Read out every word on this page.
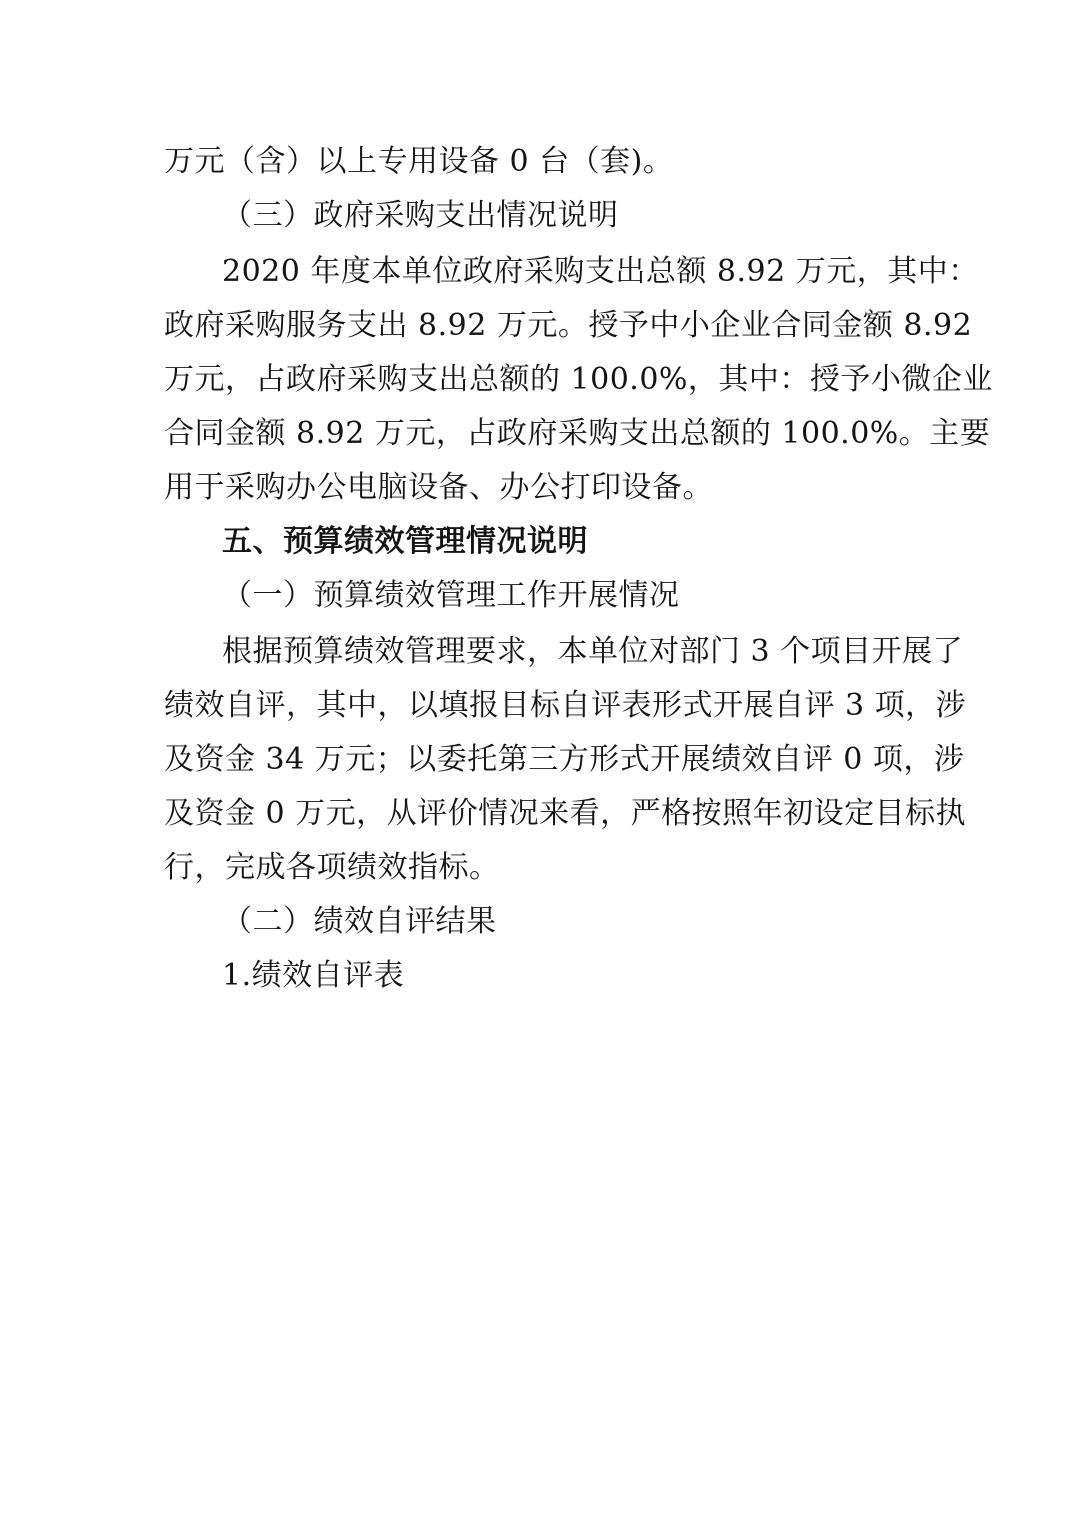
万元（含）以上专用设备 0 台（套)。
（三）政府采购支出情况说明
2020 年度本单位政府采购支出总额 8.92 万元，其中：
政府采购服务支出 8.92 万元。授予中小企业合同金额 8.92
万元，占政府采购支出总额的 100.0%，其中：授予小微企业
合同金额 8.92 万元，占政府采购支出总额的 100.0%。主要
用于采购办公电脑设备、办公打印设备。
五、预算绩效管理情况说明
（一）预算绩效管理工作开展情况
根据预算绩效管理要求，本单位对部门 3 个项目开展了
绩效自评，其中，以填报目标自评表形式开展自评 3 项，涉
及资金 34 万元；以委托第三方形式开展绩效自评 0 项，涉
及资金 0 万元，从评价情况来看，严格按照年初设定目标执
行，完成各项绩效指标。
（二）绩效自评结果
1.绩效自评表
